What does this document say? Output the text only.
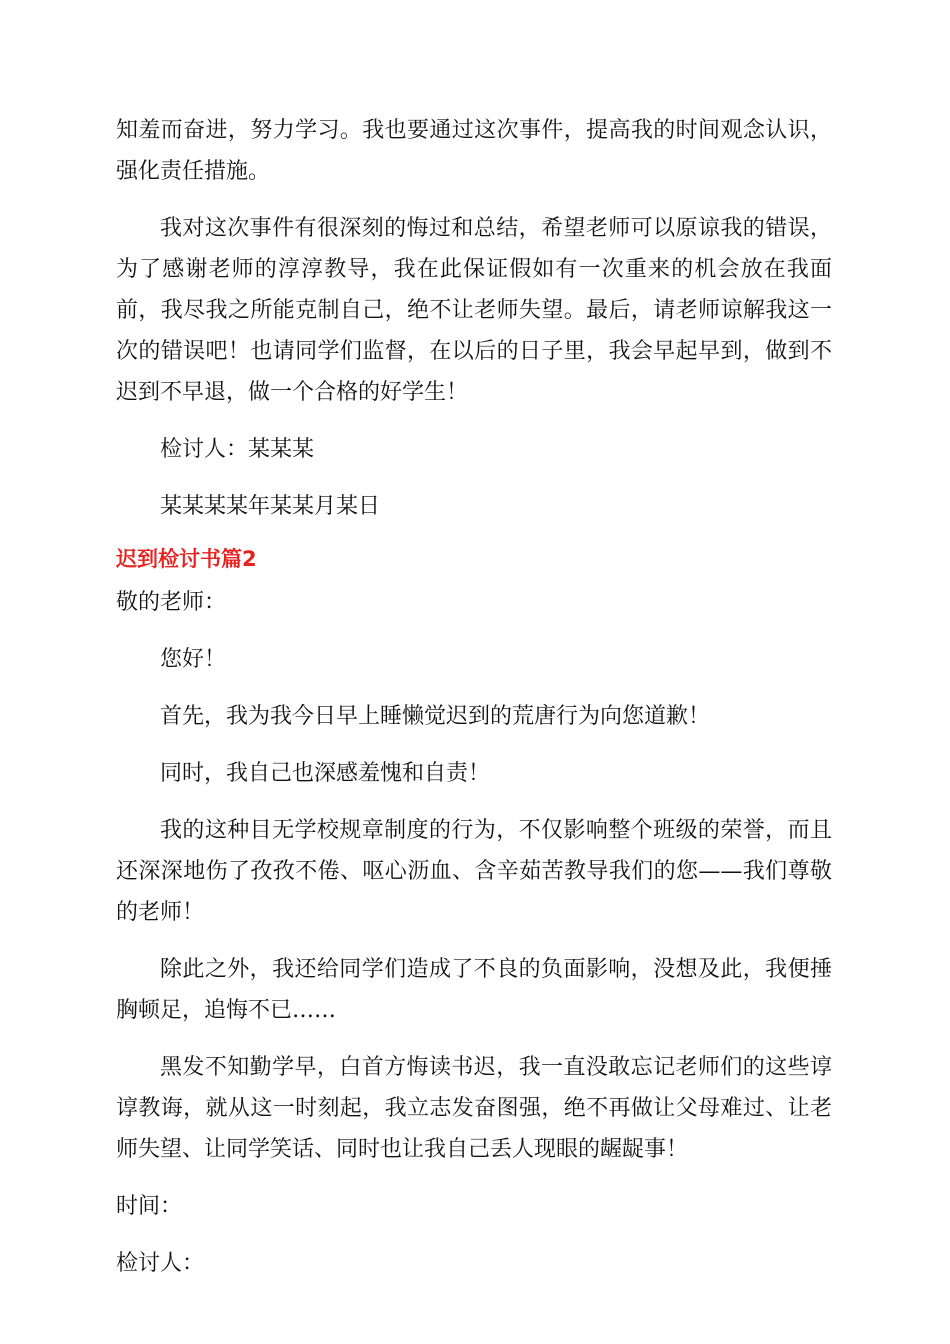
知羞而奋进，努力学习。我也要通过这次事件，提高我的时间观念认识，强化责任措施。

我对这次事件有很深刻的悔过和总结，希望老师可以原谅我的错误，为了感谢老师的淳淳教导，我在此保证假如有一次重来的机会放在我面前，我尽我之所能克制自己，绝不让老师失望。最后，请老师谅解我这一次的错误吧！也请同学们监督，在以后的日子里，我会早起早到，做到不迟到不早退，做一个合格的好学生！

检讨人：某某某

某某某某年某某月某日

迟到检讨书篇2

敬的老师：

您好！

首先，我为我今日早上睡懒觉迟到的荒唐行为向您道歉！

同时，我自己也深感羞愧和自责！

我的这种目无学校规章制度的行为，不仅影响整个班级的荣誉，而且还深深地伤了孜孜不倦、呕心沥血、含辛茹苦教导我们的您——我们尊敬的老师！

除此之外，我还给同学们造成了不良的负面影响，没想及此，我便捶胸顿足，追悔不已……

黑发不知勤学早，白首方悔读书迟，我一直没敢忘记老师们的这些谆谆教诲，就从这一时刻起，我立志发奋图强，绝不再做让父母难过、让老师失望、让同学笑话、同时也让我自己丢人现眼的龌龊事！

时间：

检讨人：
